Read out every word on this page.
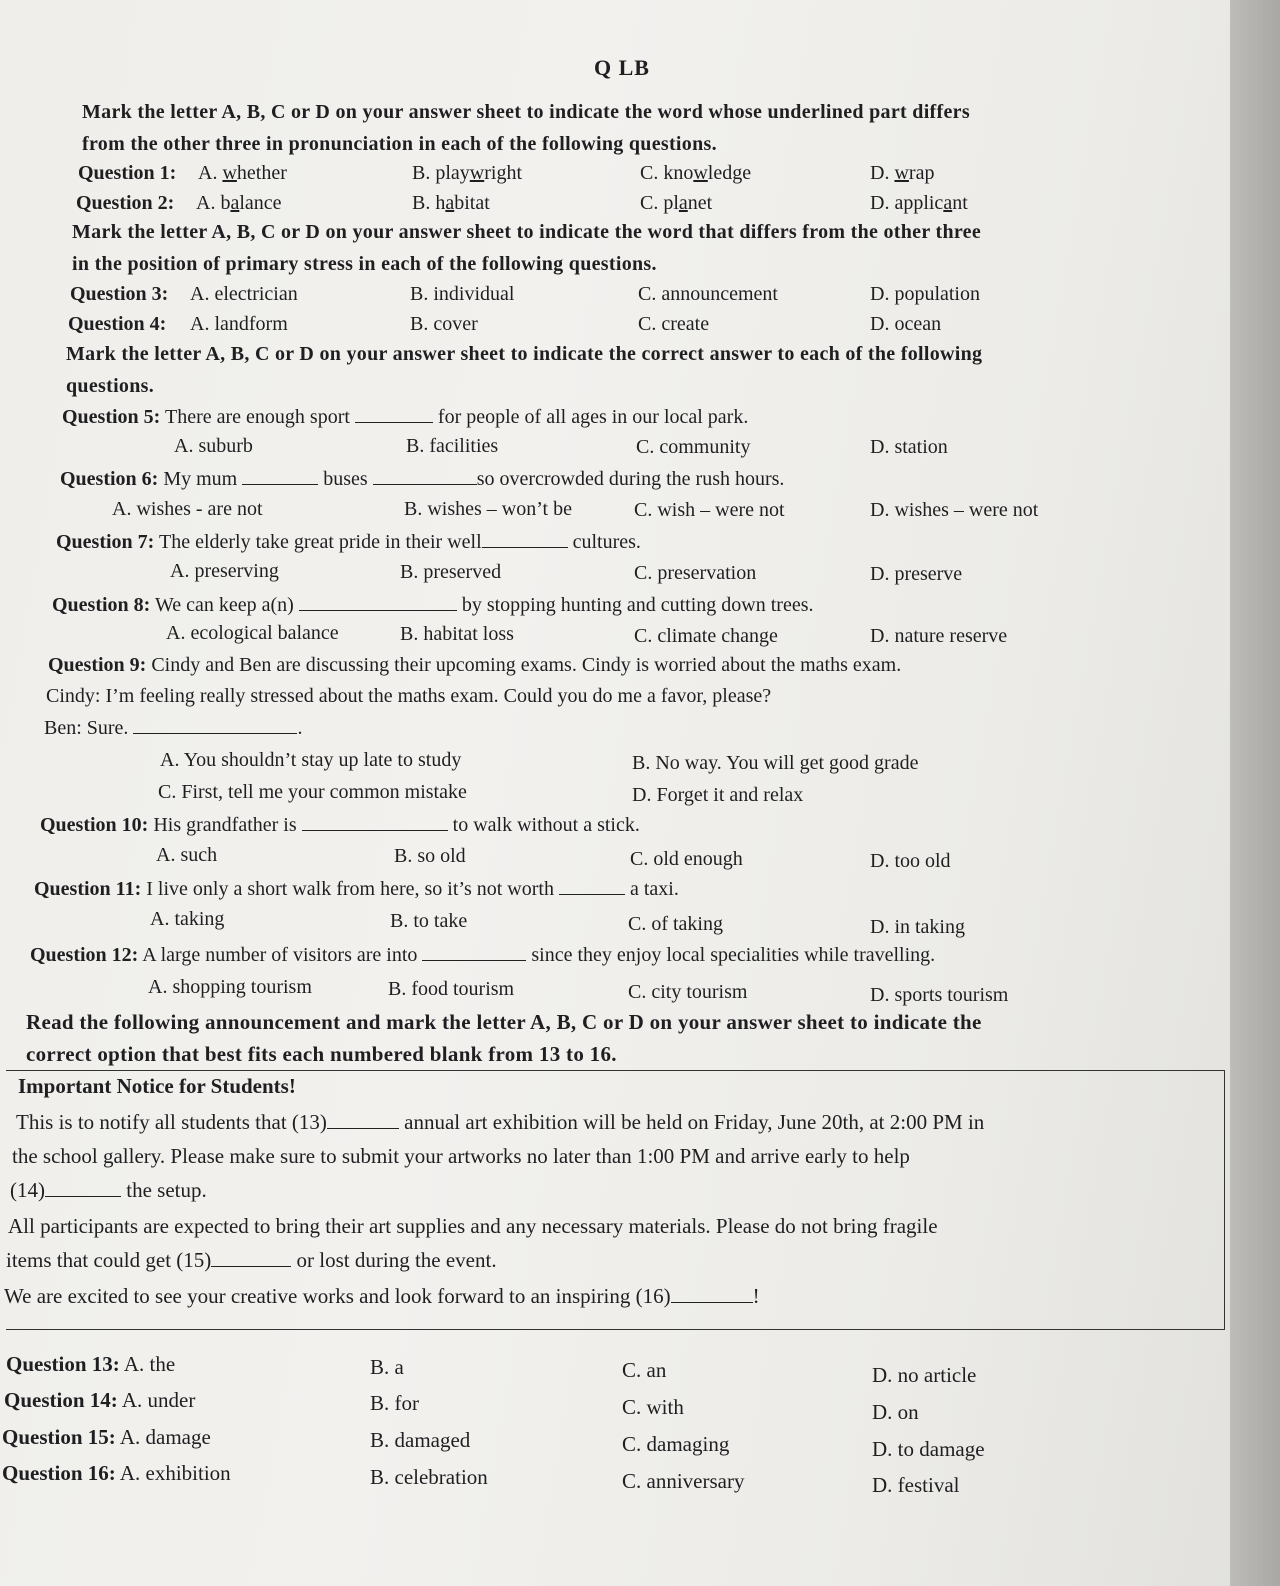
Q LB
Mark the letter A, B, C or D on your answer sheet to indicate the word whose underlined part differs
from the other three in pronunciation in each of the following questions.
Question 1: A. whether	B. playwright	C. knowledge	D. wrap
Question 2: A. balance	B. habitat	C. planet	D. applicant
Mark the letter A, B, C or D on your answer sheet to indicate the word that differs from the other three
in the position of primary stress in each of the following questions.
Question 3: A. electrician	B. individual	C. announcement	D. population
Question 4: A. landform	B. cover	C. create	D. ocean
Mark the letter A, B, C or D on your answer sheet to indicate the correct answer to each of the following
questions.
Question 5: There are enough sport	for people of all ages in our local park.
A. suburb	B. facilities	C. community	D. station
Question 6: My mum	buses	so overcrowded during the rush hours.
A. wishes - are not	B. wishes – won’t be	C. wish – were not	D. wishes – were not
Question 7: The elderly take great pride in their well	cultures.
A. preserving	B. preserved	C. preservation	D. preserve
Question 8: We can keep a(n)	by stopping hunting and cutting down trees.
A. ecological balance	B. habitat loss	C. climate change	D. nature reserve
Question 9: Cindy and Ben are discussing their upcoming exams. Cindy is worried about the maths exam.
Cindy: I’m feeling really stressed about the maths exam. Could you do me a favor, please?
Ben: Sure.	.
A. You shouldn’t stay up late to study	B. No way. You will get good grade
C. First, tell me your common mistake	D. Forget it and relax
Question 10: His grandfather is	to walk without a stick.
A. such	B. so old	C. old enough	D. too old
Question 11: I live only a short walk from here, so it’s not worth	a taxi.
A. taking	B. to take	C. of taking	D. in taking
Question 12: A large number of visitors are into	since they enjoy local specialities while travelling.
A. shopping tourism	B. food tourism	C. city tourism	D. sports tourism
Read the following announcement and mark the letter A, B, C or D on your answer sheet to indicate the
correct option that best fits each numbered blank from 13 to 16.
Important Notice for Students!
This is to notify all students that (13)	annual art exhibition will be held on Friday, June 20th, at 2:00 PM in
the school gallery. Please make sure to submit your artworks no later than 1:00 PM and arrive early to help
(14)	the setup.
All participants are expected to bring their art supplies and any necessary materials. Please do not bring fragile
items that could get (15)	or lost during the event.
We are excited to see your creative works and look forward to an inspiring (16)	!
Question 13: A. the	B. a	C. an	D. no article
Question 14: A. under	B. for	C. with	D. on
Question 15: A. damage	B. damaged	C. damaging	D. to damage
Question 16: A. exhibition	B. celebration	C. anniversary	D. festival
